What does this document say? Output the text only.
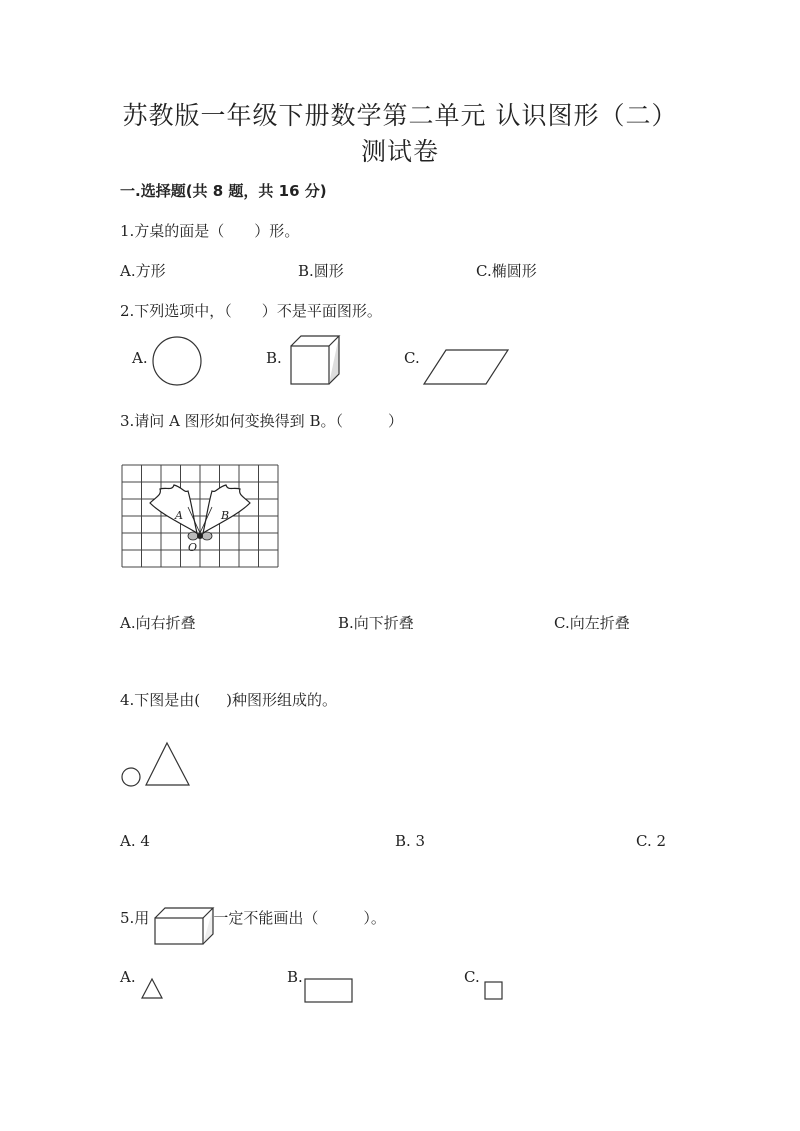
苏教版一年级下册数学第二单元 认识图形（二）
测试卷
一.选择题(共 8 题，共 16 分)
1.方桌的面是（　　）形。
A.方形	B.圆形	C.椭圆形
2.下列选项中，（　　）不是平面图形。
A.	B.	C.
3.请问 A 图形如何变换得到 B。（　　　）
A	B
O
A.向右折叠	B.向下折叠	C.向左折叠
4.下图是由( )种图形组成的。
A. 4	B. 3	C. 2
5.用	一定不能画出（　　　）。
A.	B.	C.
